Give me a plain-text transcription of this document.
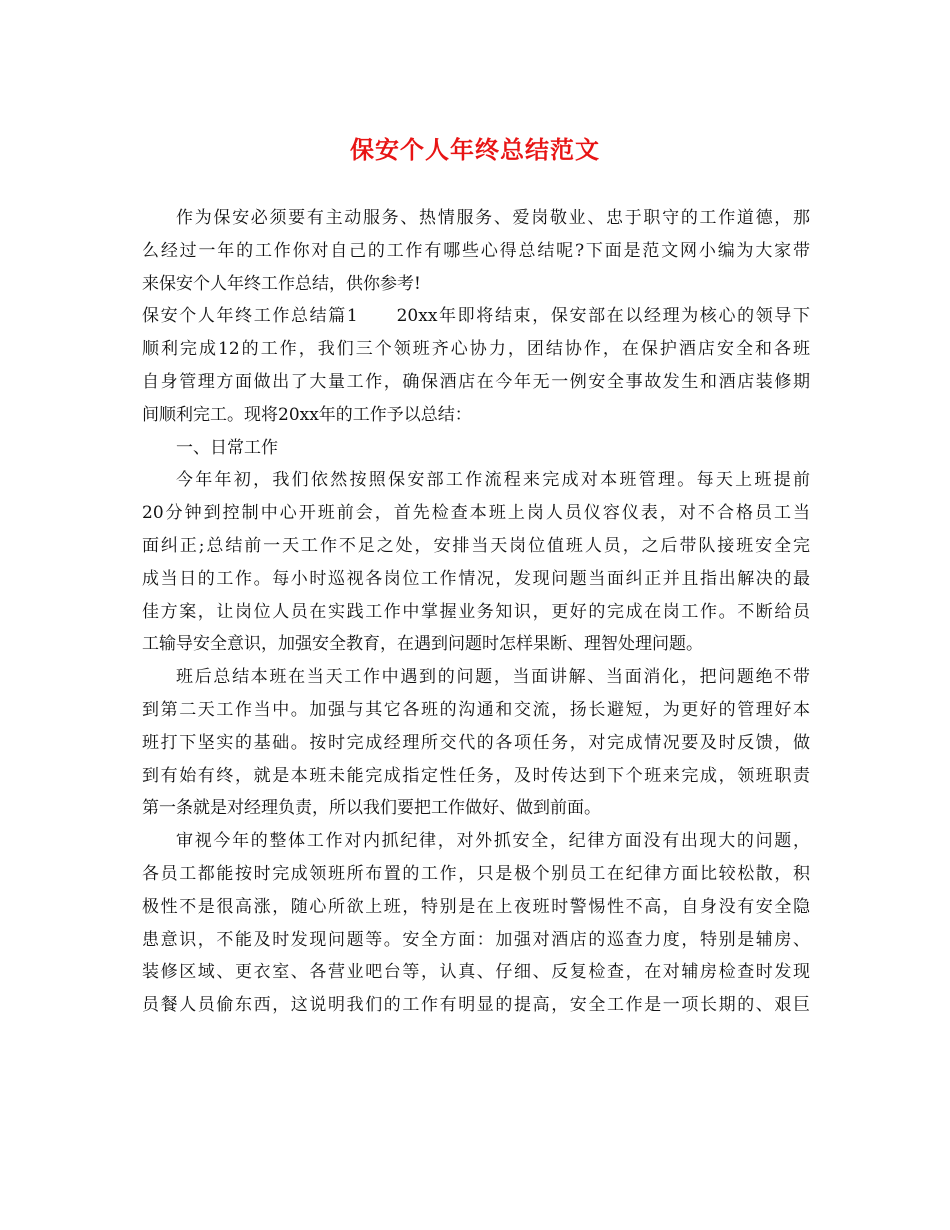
保安个人年终总结范文
作为保安必须要有主动服务、热情服务、爱岗敬业、忠于职守的工作道德，那
么经过一年的工作你对自己的工作有哪些心得总结呢?下面是范文网小编为大家带
来保安个人年终工作总结，供你参考!
保安个人年终工作总结篇1　　20xx年即将结束，保安部在以经理为核心的领导下
顺利完成12的工作，我们三个领班齐心协力，团结协作，在保护酒店安全和各班
自身管理方面做出了大量工作，确保酒店在今年无一例安全事故发生和酒店装修期
间顺利完工。现将20xx年的工作予以总结：
一、日常工作
今年年初，我们依然按照保安部工作流程来完成对本班管理。每天上班提前
20分钟到控制中心开班前会，首先检查本班上岗人员仪容仪表，对不合格员工当
面纠正;总结前一天工作不足之处，安排当天岗位值班人员，之后带队接班安全完
成当日的工作。每小时巡视各岗位工作情况，发现问题当面纠正并且指出解决的最
佳方案，让岗位人员在实践工作中掌握业务知识，更好的完成在岗工作。不断给员
工输导安全意识，加强安全教育，在遇到问题时怎样果断、理智处理问题。
班后总结本班在当天工作中遇到的问题，当面讲解、当面消化，把问题绝不带
到第二天工作当中。加强与其它各班的沟通和交流，扬长避短，为更好的管理好本
班打下坚实的基础。按时完成经理所交代的各项任务，对完成情况要及时反馈，做
到有始有终，就是本班未能完成指定性任务，及时传达到下个班来完成，领班职责
第一条就是对经理负责，所以我们要把工作做好、做到前面。
审视今年的整体工作对内抓纪律，对外抓安全，纪律方面没有出现大的问题，
各员工都能按时完成领班所布置的工作，只是极个别员工在纪律方面比较松散，积
极性不是很高涨，随心所欲上班，特别是在上夜班时警惕性不高，自身没有安全隐
患意识，不能及时发现问题等。安全方面：加强对酒店的巡查力度，特别是辅房、
装修区域、更衣室、各营业吧台等，认真、仔细、反复检查，在对辅房检查时发现
员餐人员偷东西，这说明我们的工作有明显的提高，安全工作是一项长期的、艰巨
